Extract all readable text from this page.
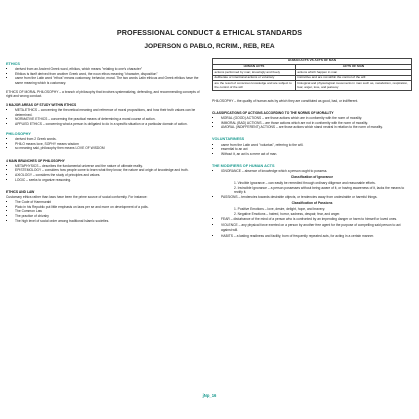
PROFESSIONAL CONDUCT & ETHICAL STANDARDS
JOPERSON G PABLO, RCRIM., REB, REA
ETHICS
▪ derived from an Ancient Greek word, ethikos, which means "relating to one's character"
▪ Ethikos is itself derived from another Greek word, the noun ethos meaning "character, disposition"
▪ came from the Latin word "ethos" means customary, behavior, moral. The two words Latin ethicus and Greek ethikos have the same meaning which is customary.

ETHICS OF MORAL PHILOSOPHY – a branch of philosophy that involves systematizing, defending, and recommending concepts of right and wrong conduct.

3 MAJOR AREAS OF STUDY WITHIN ETHICS
▪ META-ETHICS – concerning the theoretical meaning and reference of moral propositions, and how their truth values can be determined.
▪ NORMATIVE ETHICS – concerning the practical means of determining a moral course of action.
▪ APPLIED ETHICS – concerning what a person is obligated to do in a specific situation or a particular domain of action.
PHILOSOPHY
▪ derived from 2 Greek words.
▪ PHILO means love, SOPHY means wisdom
▪ so meaning saki, philosophy then means LOVE OF WISDOM
4 MAIN BRANCHES OF PHILOSOPHY
▪ METAPHYSICS – describes the fundamental universe and the nature of ultimate reality.
▪ EPISTEMOLOGY – considers how people come to learn what they know; the nature and origin of knowledge and truth.
▪ AXIOLOGY – considers the study of principles and values.
▪ LOGIC – seeks to organize reasoning.
ETHICS AND LAW

Customary ethics rather than laws have been the prime source of social conformity. For instance:

▪ The Code of Hammurabi
▪ Plato in his Republic put little emphasis on laws per se and more on development of a polis.
▪ The Common Law
▪ The practice of chivalry
▪ The high level of social order among traditional Islamic societies.
HUMAN ACTS VS ACTS OF MAN	
HUMAN ACTS	ACTS OF MAN
actions performed by man; knowingly and freely	actions which happen in man
deliberate or intentional actions or voluntary	instinctive and are not within the control of the will
are the result of conscious knowledge and are subject to the control of the will	biological and physiological movements in man such as, metabolism, respiration, fear, anger, love, and jealousy

PHILOSOPHY – the quality of human acts by which they are constituted as good, bad, or indifferent.

CLASSIFICATIONS OF ACTIONS ACCORDING TO THE NORMS OF MORALITY
▪ MORAL (GOOD) ACTIONS – are those actions which are in conformity with the norm of morality.
▪ IMMORAL (BAD) ACTIONS – are those actions which are not in conformity with the norm of morality.
▪ AMORAL (INDIFFERENT) ACTIONS – are those actions which stand neutral in relation to the norm of morality.
VOLUNTARINESS
▪ came from the Latin word "voluntas", referring to the will.
▪ essential to an act
▪ Without it, an act is a mere act of man.
THE MODIFIERS OF HUMAN ACTS
▪ IGNORANCE – absence of knowledge which a person ought to possess.
Classification of Ignorance

1. Vincible Ignorance – can easily be remedied through ordinary diligence and reasonable efforts.

2. Invincible Ignorance – a person possesses without being aware of it, or having awareness of it, lacks the means to rectify it.

▪ PASSIONS – tendencies towards desirable objects, or tendencies away from undesirable or harmful things.
Classification of Passions

1. Positive Emotions – love, desire, delight, hope, and bravery.

2. Negative Emotions – hatred, horror, sadness, despair, fear, and anger.

▪ FEAR – disturbance of the mind of a person who is confronted by an impending danger or harm to himself or loved ones.
▪ VIOLENCE – any physical force exerted on a person by another free agent for the purpose of compelling said person to act against will.
▪ HABITS – a lasting readiness and facility, born of frequently repeated acts, for acting in a certain manner.
jNp_16
